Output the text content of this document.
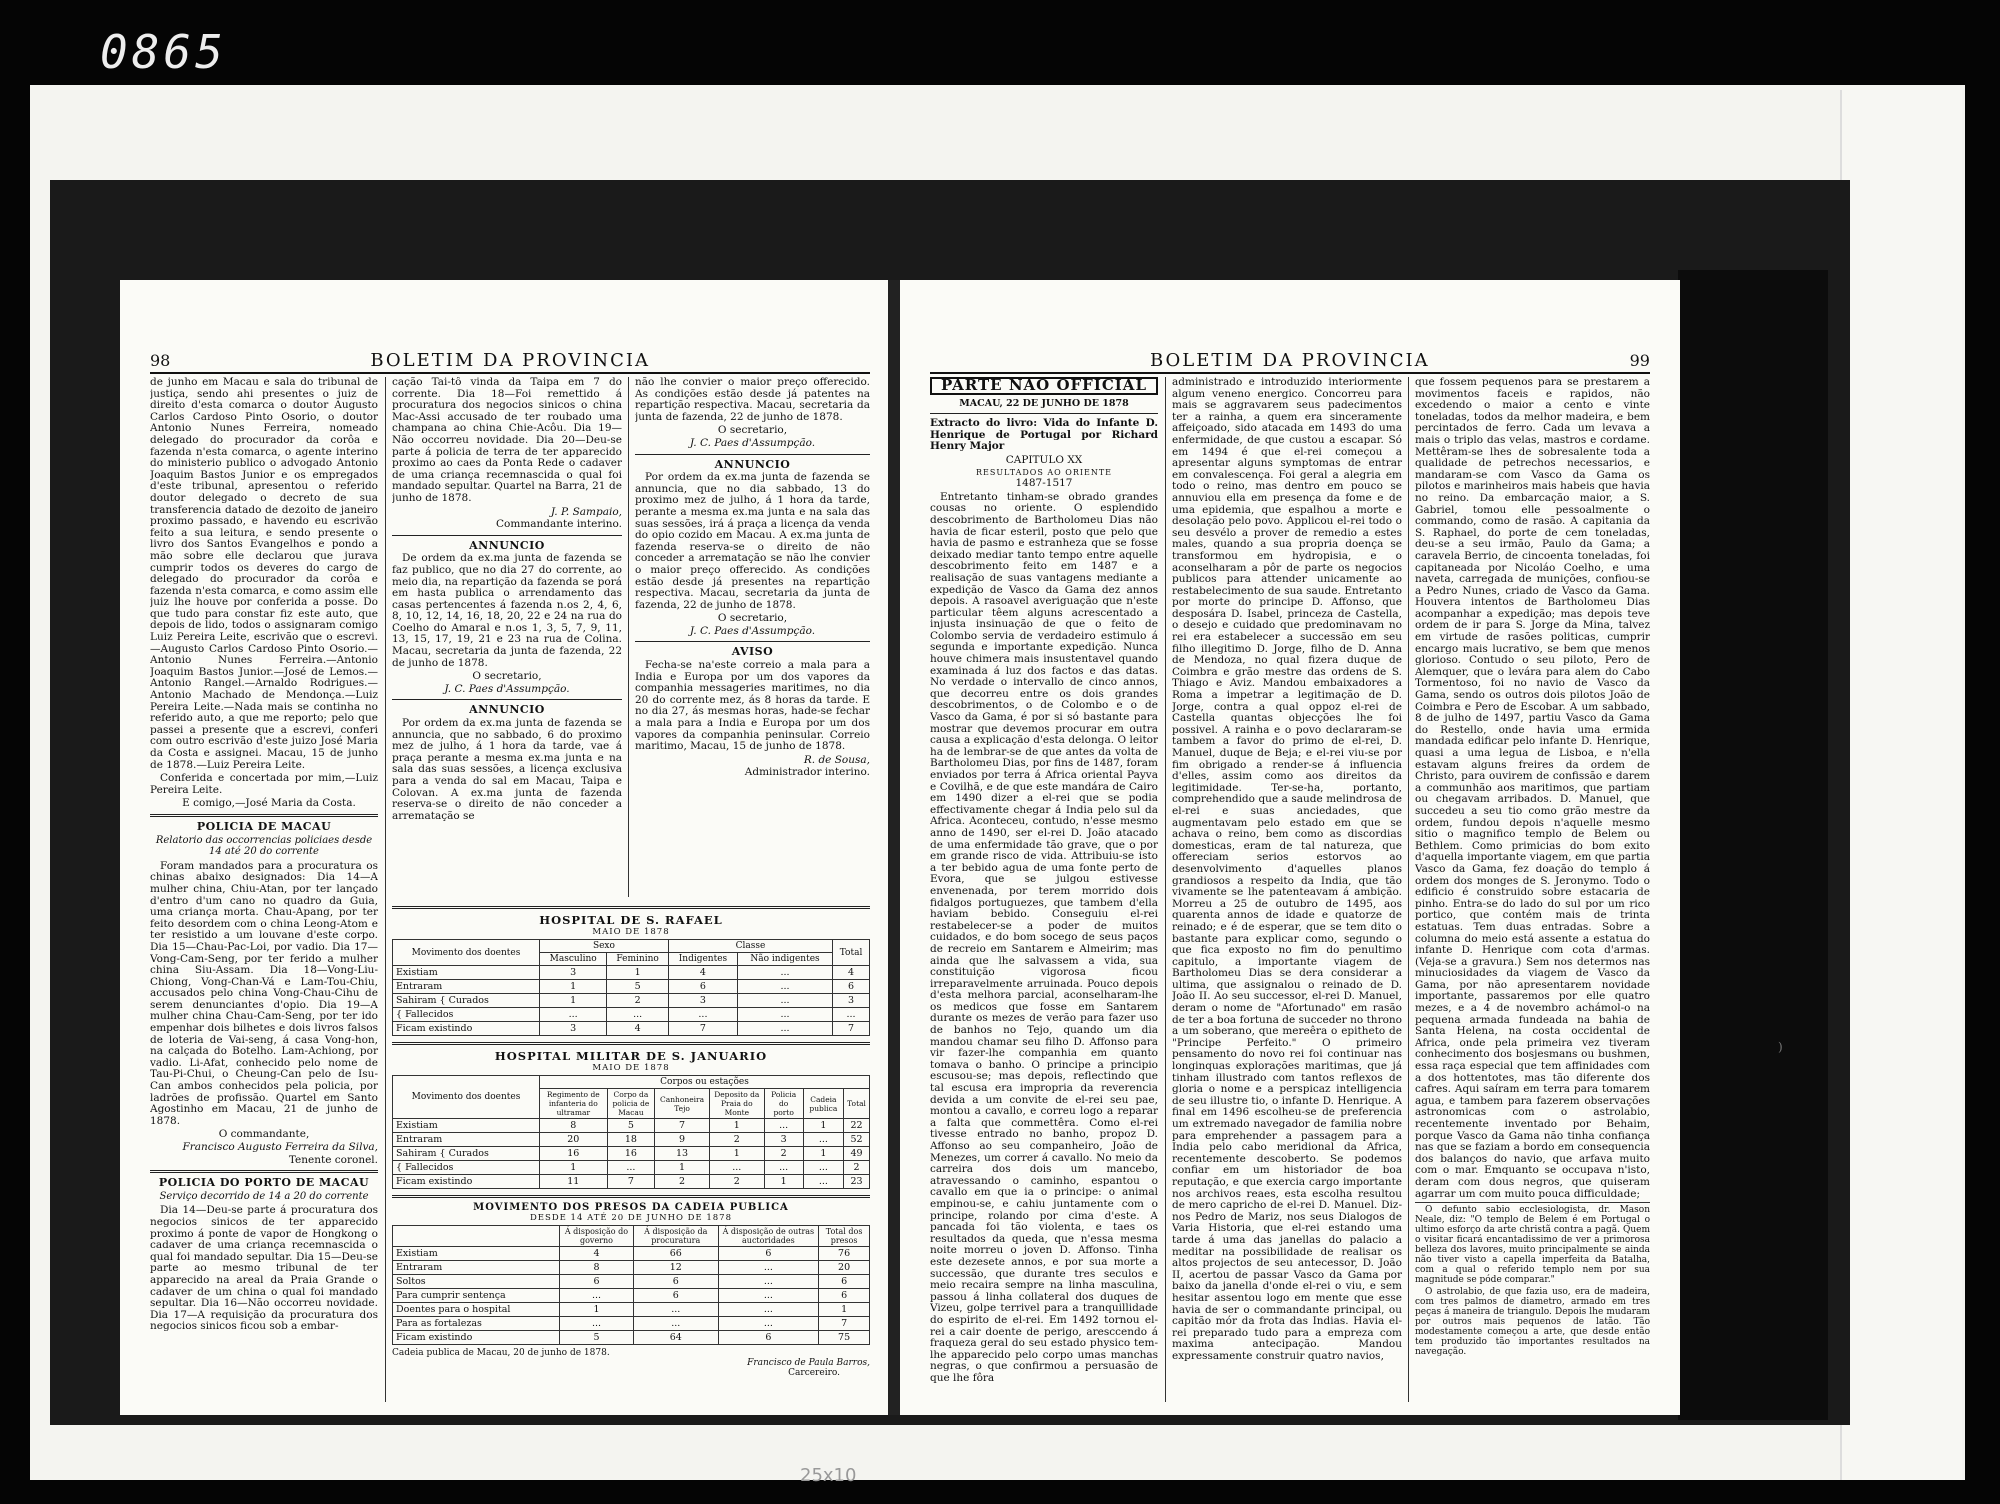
0865
98	BOLETIM DA PROVINCIA

de junho em Macau e sala do tribunal de justiça, sendo ahi presentes o juiz de direito d'esta comarca o doutor Augusto Carlos Cardoso Pinto Osorio, o doutor Antonio Nunes Ferreira, nomeado delegado do procurador da corôa e fazenda n'esta comarca, o agente interino do ministerio publico o advogado Antonio Joaquim Bastos Junior e os empregados d'este tribunal, apresentou o referido doutor delegado o decreto de sua transferencia datado de dezoito de janeiro proximo passado, e havendo eu escrivão feito a sua leitura, e sendo presente o livro dos Santos Evangelhos e pondo a mão sobre elle declarou que jurava cumprir todos os deveres do cargo de delegado do procurador da corôa e fazenda n'esta comarca, e como assim elle juiz lhe houve por conferida a posse. Do que tudo para constar fiz este auto, que depois de lido, todos o assignaram comigo Luiz Pereira Leite, escrivão que o escrevi.—Augusto Carlos Cardoso Pinto Osorio.—Antonio Nunes Ferreira.—Antonio Joaquim Bastos Junior.—José de Lemos.—Antonio Rangel.—Arnaldo Rodrigues.—Antonio Machado de Mendonça.—Luiz Pereira Leite.—Nada mais se continha no referido auto, a que me reporto; pelo que passei a presente que a escrevi, conferi com outro escrivão d'este juizo José Maria da Costa e assignei. Macau, 15 de junho de 1878.—Luiz Pereira Leite.

Conferida e concertada por mim,—Luiz Pereira Leite.

E comigo,—José Maria da Costa.

POLICIA DE MACAU
Relatorio das occorrencias policiaes desde 14 até 20 do corrente

Foram mandados para a procuratura os chinas abaixo designados: Dia 14—A mulher china, Chiu-Atan, por ter lançado d'entro d'um cano no quadro da Guia, uma criança morta. Chau-Apang, por ter feito desordem com o china Leong-Atom e ter resistido a um louvane d'este corpo. Dia 15—Chau-Pac-Loi, por vadio. Dia 17—Vong-Cam-Seng, por ter ferido a mulher china Siu-Assam. Dia 18—Vong-Liu-Chiong, Vong-Chan-Vá e Lam-Tou-Chiu, accusados pelo china Vong-Chau-Cihu de serem denunciantes d'opio. Dia 19—A mulher china Chau-Cam-Seng, por ter ido empenhar dois bilhetes e dois livros falsos de loteria de Vai-seng, á casa Vong-hon, na calçada do Botelho. Lam-Achiong, por vadio. Li-Afat, conhecido pelo nome de Tau-Pi-Chui, o Cheung-Can pelo de Isu-Can ambos conhecidos pela policia, por ladrões de profissão. Quartel em Santo Agostinho em Macau, 21 de junho de 1878.

O commandante,
Francisco Augusto Ferreira da Silva,
Tenente coronel.
POLICIA DO PORTO DE MACAU
Serviço decorrido de 14 a 20 do corrente

Dia 14—Deu-se parte á procuratura dos negocios sinicos de ter apparecido proximo á ponte de vapor de Hongkong o cadaver de uma criança recemnascida o qual foi mandado sepultar. Dia 15—Deu-se parte ao mesmo tribunal de ter apparecido na areal da Praia Grande o cadaver de um china o qual foi mandado sepultar. Dia 16—Não occorreu novidade. Dia 17—A requisição da procuratura dos negocios sinicos ficou sob a embar-

cação Tai-tô vinda da Taipa em 7 do corrente. Dia 18—Foi remettido á procuratura dos negocios sinicos o china Mac-Assi accusado de ter roubado uma champana ao china Chie-Acôu. Dia 19—Não occorreu novidade. Dia 20—Deu-se parte á policia de terra de ter apparecido proximo ao caes da Ponta Rede o cadaver de uma criança recemnascida o qual foi mandado sepultar. Quartel na Barra, 21 de junho de 1878.

J. P. Sampaio,
Commandante interino.
ANNUNCIO

De ordem da ex.ma junta de fazenda se faz publico, que no dia 27 do corrente, ao meio dia, na repartição da fazenda se porá em hasta publica o arrendamento das casas pertencentes á fazenda n.os 2, 4, 6, 8, 10, 12, 14, 16, 18, 20, 22 e 24 na rua do Coelho do Amaral e n.os 1, 3, 5, 7, 9, 11, 13, 15, 17, 19, 21 e 23 na rua de Colina. Macau, secretaria da junta de fazenda, 22 de junho de 1878.

O secretario,
J. C. Paes d'Assumpção.
ANNUNCIO

Por ordem da ex.ma junta de fazenda se annuncia, que no sabbado, 6 do proximo mez de julho, á 1 hora da tarde, vae á praça perante a mesma ex.ma junta e na sala das suas sessões, a licença exclusiva para a venda do sal em Macau, Taipa e Colovan. A ex.ma junta de fazenda reserva-se o direito de não conceder a arrematação se

não lhe convier o maior preço offerecido. As condições estão desde já patentes na repartição respectiva. Macau, secretaria da junta de fazenda, 22 de junho de 1878.

O secretario,
J. C. Paes d'Assumpção.
ANNUNCIO

Por ordem da ex.ma junta de fazenda se annuncia, que no dia sabbado, 13 do proximo mez de julho, á 1 hora da tarde, perante a mesma ex.ma junta e na sala das suas sessões, irá á praça a licença da venda do opio cozido em Macau. A ex.ma junta de fazenda reserva-se o direito de não conceder a arrematação se não lhe convier o maior preço offerecido. As condições estão desde já presentes na repartição respectiva. Macau, secretaria da junta de fazenda, 22 de junho de 1878.

O secretario,
J. C. Paes d'Assumpção.
AVISO

Fecha-se na'este correio a mala para a India e Europa por um dos vapores da companhia messageries maritimes, no dia 20 do corrente mez, ás 8 horas da tarde. E no dia 27, ás mesmas horas, hade-se fechar a mala para a India e Europa por um dos vapores da companhia peninsular. Correio maritimo, Macau, 15 de junho de 1878.

R. de Sousa,
Administrador interino.
HOSPITAL DE S. RAFAEL
MAIO DE 1878
Movimento dos doentes	Sexo		Classe		Total
	Masculino	Feminino	Indigentes	Não indigentes	
Existiam	3	1	4	...	4
Entraram	1	5	6	...	6
Sahiram { Curados	1	2	3	...	3
{ Fallecidos	...	...	...	...	...
Ficam existindo	3	4	7	...	7
HOSPITAL MILITAR DE S. JANUARIO
MAIO DE 1878
Movimento dos doentes	Corpos ou estações						
	Regimento de infanteria do ultramar	Corpo da policia de Macau	Canhoneira Tejo	Deposito da Praia do Monte	Policia do porto	Cadeia publica	Total
Existiam	8	5	7	1	...	1	22
Entraram	20	18	9	2	3	...	52
Sahiram { Curados	16	16	13	1	2	1	49
{ Fallecidos	1	...	1	...	...	...	2
Ficam existindo	11	7	2	2	1	...	23
MOVIMENTO DOS PRESOS DA CADEIA PUBLICA
DESDE 14 ATÉ 20 DE JUNHO DE 1878
	Á disposição do governo	Á disposição da procuratura	Á disposição de outras auctoridades	Total dos presos
Existiam	4	66	6	76
Entraram	8	12	...	20
Soltos	6	6	...	6
Para cumprir sentença	...	6	...	6
Doentes para o hospital	1	...	...	1
Para as fortalezas	...	...	...	7
Ficam existindo	5	64	6	75
Cadeia publica de Macau, 20 de junho de 1878.
Francisco de Paula Barros,
Carcereiro.
BOLETIM DA PROVINCIA	99
PARTE NÃO OFFICIAL
MACAU, 22 DE JUNHO DE 1878
Extracto do livro: Vida do Infante D. Henrique de Portugal por Richard Henry Major
CAPITULO XX
RESULTADOS AO ORIENTE
1487-1517

Entretanto tinham-se obrado grandes cousas no oriente. O esplendido descobrimento de Bartholomeu Dias não havia de ficar esteril, posto que pelo que havia de pasmo e estranheza que se fosse deixado mediar tanto tempo entre aquelle descobrimento feito em 1487 e a realisação de suas vantagens mediante a expedição de Vasco da Gama dez annos depois. A rasoavel averiguação que n'este particular têem alguns acrescentado a injusta insinuação de que o feito de Colombo servia de verdadeiro estimulo á segunda e importante expedição. Nunca houve chimera mais insustentavel quando examinada á luz dos factos e das datas. No verdade o intervallo de cinco annos, que decorreu entre os dois grandes descobrimentos, o de Colombo e o de Vasco da Gama, é por si só bastante para mostrar que devemos procurar em outra causa a explicação d'esta delonga. O leitor ha de lembrar-se de que antes da volta de Bartholomeu Dias, por fins de 1487, foram enviados por terra á Africa oriental Payva e Covilhã, e de que este mandára de Cairo em 1490 dizer a el-rei que se podia effectivamente chegar á India pelo sul da Africa. Aconteceu, contudo, n'esse mesmo anno de 1490, ser el-rei D. João atacado de uma enfermidade tão grave, que o por em grande risco de vida. Attribuiu-se isto a ter bebido agua de uma fonte perto de Evora, que se julgou estivesse envenenada, por terem morrido dois fidalgos portuguezes, que tambem d'ella haviam bebido. Conseguiu el-rei restabelecer-se a poder de muitos cuidados, e do bom socego de seus paços de recreio em Santarem e Almeirim; mas ainda que lhe salvassem a vida, sua constituição vigorosa ficou irreparavelmente arruinada. Pouco depois d'esta melhora parcial, aconselharam-lhe os medicos que fosse em Santarem durante os mezes de verão para fazer uso de banhos no Tejo, quando um dia mandou chamar seu filho D. Affonso para vir fazer-lhe companhia em quanto tomava o banho. O principe a principio escusou-se; mas depois, reflectindo que tal escusa era impropria da reverencia devida a um convite de el-rei seu pae, montou a cavallo, e correu logo a reparar a falta que commettêra. Como el-rei tivesse entrado no banho, propoz D. Affonso ao seu companheiro, João de Menezes, um correr á cavallo. No meio da carreira dos dois um mancebo, atravessando o caminho, espantou o cavallo em que ia o principe: o animal empinou-se, e cahiu juntamente com o principe, rolando por cima d'este. A pancada foi tão violenta, e taes os resultados da queda, que n'essa mesma noite morreu o joven D. Affonso. Tinha este dezesete annos, e por sua morte a successão, que durante tres seculos e meio recaira sempre na linha masculina, passou á linha collateral dos duques de Vizeu, golpe terrivel para a tranquillidade do espirito de el-rei. Em 1492 tornou el-rei a cair doente de perigo, aresccendo á fraqueza geral do seu estado physico tem-lhe apparecido pelo corpo umas manchas negras, o que confirmou a persuasão de que lhe fôra

administrado e introduzido interiormente algum veneno energico. Concorreu para mais se aggravarem seus padecimentos ter a rainha, a quem era sinceramente affeiçoado, sido atacada em 1493 do uma enfermidade, de que custou a escapar. Só em 1494 é que el-rei começou a apresentar alguns symptomas de entrar em convalescença. Foi geral a alegria em todo o reino, mas dentro em pouco se annuviou ella em presença da fome e de uma epidemia, que espalhou a morte e desolação pelo povo. Applicou el-rei todo o seu desvélo a prover de remedio a estes males, quando a sua propria doença se transformou em hydropisia, e o aconselharam a pôr de parte os negocios publicos para attender unicamente ao restabelecimento de sua saude. Entretanto por morte do principe D. Affonso, que desposára D. Isabel, princeza de Castella, o desejo e cuidado que predominavam no rei era estabelecer a successão em seu filho illegitimo D. Jorge, filho de D. Anna de Mendoza, no qual fizera duque de Coimbra e grão mestre das ordens de S. Thiago e Aviz. Mandou embaixadores a Roma a impetrar a legitimação de D. Jorge, contra a qual oppoz el-rei de Castella quantas objecções lhe foi possivel. A rainha e o povo declararam-se tambem a favor do primo de el-rei, D. Manuel, duque de Beja; e el-rei viu-se por fim obrigado a render-se á influencia d'elles, assim como aos direitos da legitimidade. Ter-se-ha, portanto, comprehendido que a saude melindrosa de el-rei e suas anciedades, que augmentavam pelo estado em que se achava o reino, bem como as discordias domesticas, eram de tal natureza, que offereciam serios estorvos ao desenvolvimento d'aquelles planos grandiosos a respeito da India, que tão vivamente se lhe patenteavam á ambição. Morreu a 25 de outubro de 1495, aos quarenta annos de idade e quatorze de reinado; e é de esperar, que se tem dito o bastante para explicar como, segundo o que fica exposto no fim do penultimo capitulo, a importante viagem de Bartholomeu Dias se dera considerar a ultima, que assignalou o reinado de D. João II. Ao seu successor, el-rei D. Manuel, deram o nome de "Afortunado" em rasão de ter a boa fortuna de succeder no throno a um soberano, que mereêra o epitheto de "Principe Perfeito." O primeiro pensamento do novo rei foi continuar nas longinquas explorações maritimas, que já tinham illustrado com tantos reflexos de gloria o nome e a perspicaz intelligencia de seu illustre tio, o infante D. Henrique. A final em 1496 escolheu-se de preferencia um extremado navegador de familia nobre para emprehender a passagem para a India pelo cabo meridional da Africa, recentemente descoberto. Se podemos confiar em um historiador de boa reputação, e que exercia cargo importante nos archivos reaes, esta escolha resultou de mero capricho de el-rei D. Manuel. Diz-nos Pedro de Mariz, nos seus Dialogos de Varia Historia, que el-rei estando uma tarde á uma das janellas do palacio a meditar na possibilidade de realisar os altos projectos de seu antecessor, D. João II, acertou de passar Vasco da Gama por baixo da janella d'onde el-rei o viu, e sem hesitar assentou logo em mente que esse havia de ser o commandante principal, ou capitão mór da frota das Indias. Havia el-rei preparado tudo para a empreza com maxima antecipação. Mandou expressamente construir quatro navios,

que fossem pequenos para se prestarem a movimentos faceis e rapidos, não excedendo o maior a cento e vinte toneladas, todos da melhor madeira, e bem percintados de ferro. Cada um levava a mais o triplo das velas, mastros e cordame. Mettêram-se lhes de sobresalente toda a qualidade de petrechos necessarios, e mandaram-se com Vasco da Gama os pilotos e marinheiros mais habeis que havia no reino. Da embarcação maior, a S. Gabriel, tomou elle pessoalmente o commando, como de rasão. A capitania da S. Raphael, do porte de cem toneladas, deu-se a seu irmão, Paulo da Gama; a caravela Berrio, de cincoenta toneladas, foi capitaneada por Nicoláo Coelho, e uma naveta, carregada de munições, confiou-se a Pedro Nunes, criado de Vasco da Gama. Houvera intentos de Bartholomeu Dias acompanhar a expedição; mas depois teve ordem de ir para S. Jorge da Mina, talvez em virtude de rasões politicas, cumprir encargo mais lucrativo, se bem que menos glorioso. Contudo o seu piloto, Pero de Alemquer, que o levára para alem do Cabo Tormentoso, foi no navio de Vasco da Gama, sendo os outros dois pilotos João de Coimbra e Pero de Escobar. A um sabbado, 8 de julho de 1497, partiu Vasco da Gama do Restello, onde havia uma ermida mandada edificar pelo infante D. Henrique, quasi a uma legua de Lisboa, e n'ella estavam alguns freires da ordem de Christo, para ouvirem de confissão e darem a communhão aos maritimos, que partiam ou chegavam arribados. D. Manuel, que succedeu a seu tio como grão mestre da ordem, fundou depois n'aquelle mesmo sitio o magnifico templo de Belem ou Bethlem. Como primicias do bom exito d'aquella importante viagem, em que partia Vasco da Gama, fez doação do templo á ordem dos monges de S. Jeronymo. Todo o edificio é construido sobre estacaria de pinho. Entra-se do lado do sul por um rico portico, que contém mais de trinta estatuas. Tem duas entradas. Sobre a columna do meio está assente a estatua do infante D. Henrique com cota d'armas. (Veja-se a gravura.) Sem nos determos nas minuciosidades da viagem de Vasco da Gama, por não apresentarem novidade importante, passaremos por elle quatro mezes, e a 4 de novembro achámol-o na pequena armada fundeada na bahia de Santa Helena, na costa occidental de Africa, onde pela primeira vez tiveram conhecimento dos bosjesmans ou bushmen, essa raça especial que tem affinidades com a dos hottentotes, mas tão diferente dos cafres. Aqui saíram em terra para tomarem agua, e tambem para fazerem observações astronomicas com o astrolabio, recentemente inventado por Behaim, porque Vasco da Gama não tinha confiança nas que se faziam a bordo em consequencia dos balanços do navio, que arfava muito com o mar. Emquanto se occupava n'isto, deram com dous negros, que quiseram agarrar um com muito pouca difficuldade;

O defunto sabio ecclesiologista, dr. Mason Neale, diz: "O templo de Belem é em Portugal o ultimo esforço da arte christã contra a pagã. Quem o visitar ficará encantadissimo de ver a primorosa belleza dos lavores, muito principalmente se ainda não tiver visto a capella imperfeita da Batalha, com a qual o referido templo nem por sua magnitude se póde comparar."

O astrolabio, de que fazia uso, era de madeira, com tres palmos de diametro, armado em tres peças á maneira de triangulo. Depois lhe mudaram por outros mais pequenos de latão. Tão modestamente começou a arte, que desde então tem produzido tão importantes resultados na navegação.

)
25x10
